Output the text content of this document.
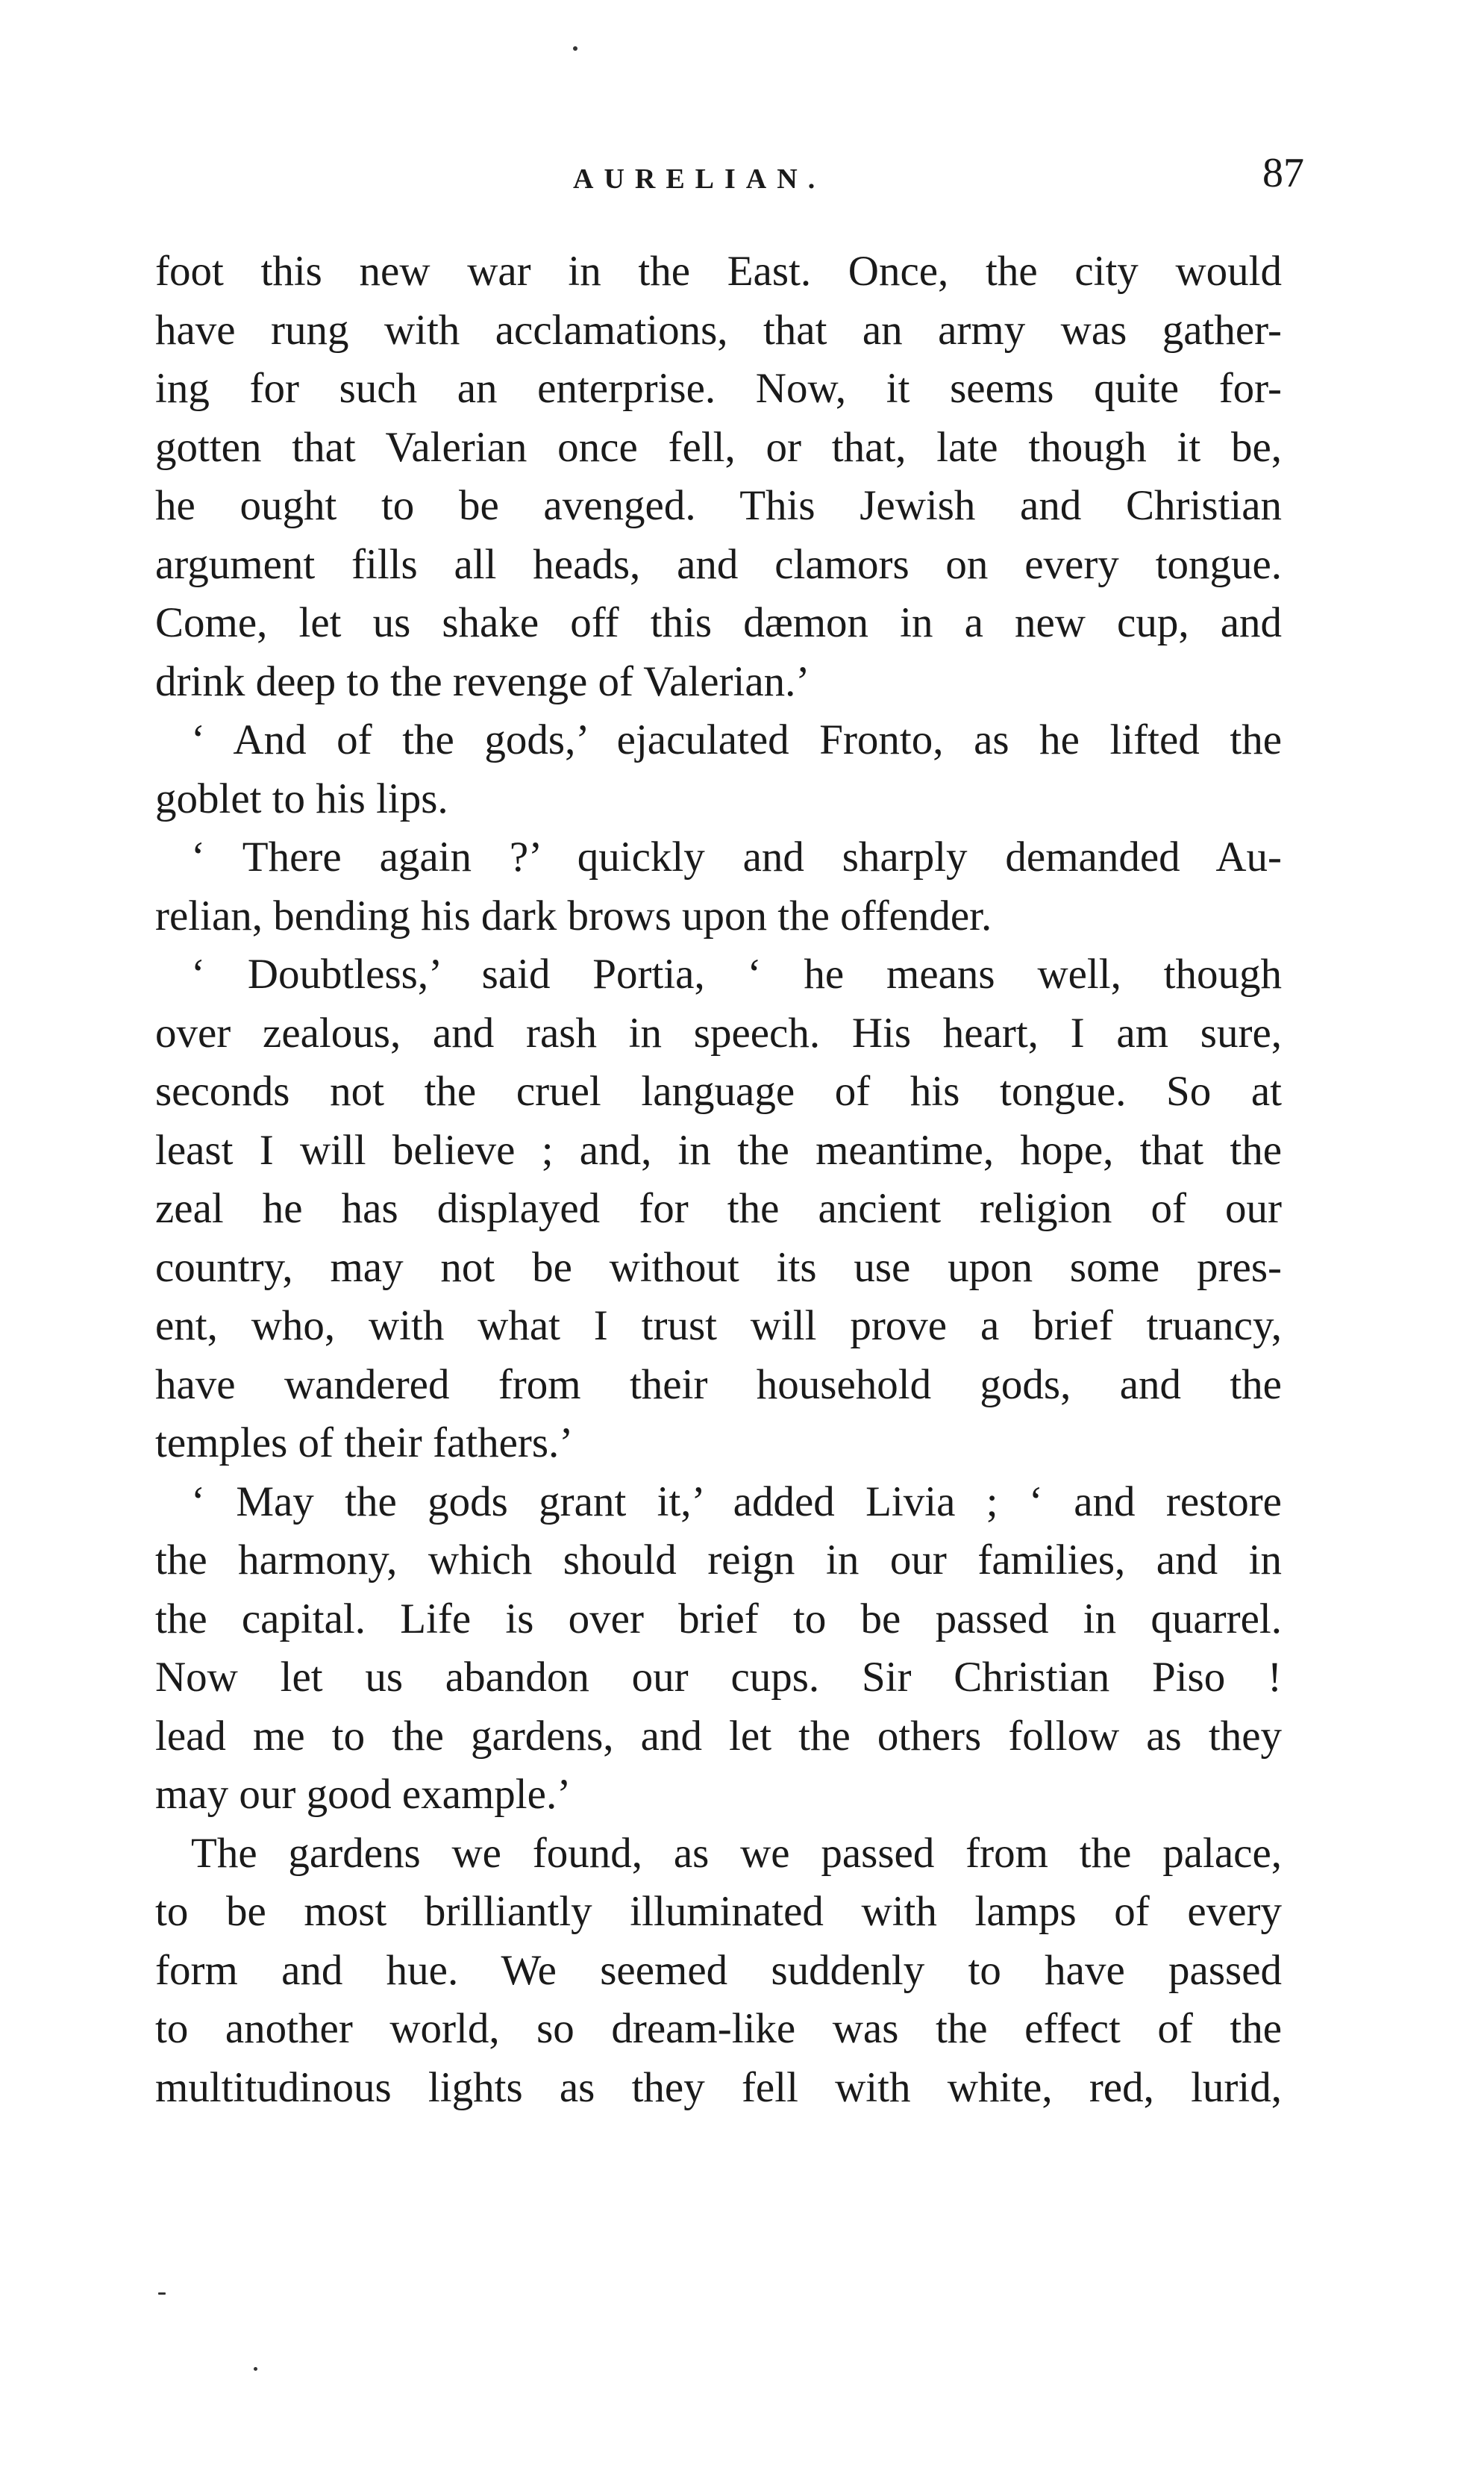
AURELIAN.	87
foot this new war in the East. Once, the city would
have rung with acclamations, that an army was gather-
ing for such an enterprise. Now, it seems quite for-
gotten that Valerian once fell, or that, late though it be,
he ought to be avenged. This Jewish and Christian
argument fills all heads, and clamors on every tongue.
Come, let us shake off this dæmon in a new cup, and
drink deep to the revenge of Valerian.’
‘ And of the gods,’ ejaculated Fronto, as he lifted the
goblet to his lips.
‘ There again ?’ quickly and sharply demanded Au-
relian, bending his dark brows upon the offender.
‘ Doubtless,’ said Portia, ‘ he means well, though
over zealous, and rash in speech. His heart, I am sure,
seconds not the cruel language of his tongue. So at
least I will believe ; and, in the meantime, hope, that the
zeal he has displayed for the ancient religion of our
country, may not be without its use upon some pres-
ent, who, with what I trust will prove a brief truancy,
have wandered from their household gods, and the
temples of their fathers.’
‘ May the gods grant it,’ added Livia ; ‘ and restore
the harmony, which should reign in our families, and in
the capital. Life is over brief to be passed in quarrel.
Now let us abandon our cups. Sir Christian Piso !
lead me to the gardens, and let the others follow as they
may our good example.’
The gardens we found, as we passed from the palace,
to be most brilliantly illuminated with lamps of every
form and hue. We seemed suddenly to have passed
to another world, so dream-like was the effect of the
multitudinous lights as they fell with white, red, lurid,
